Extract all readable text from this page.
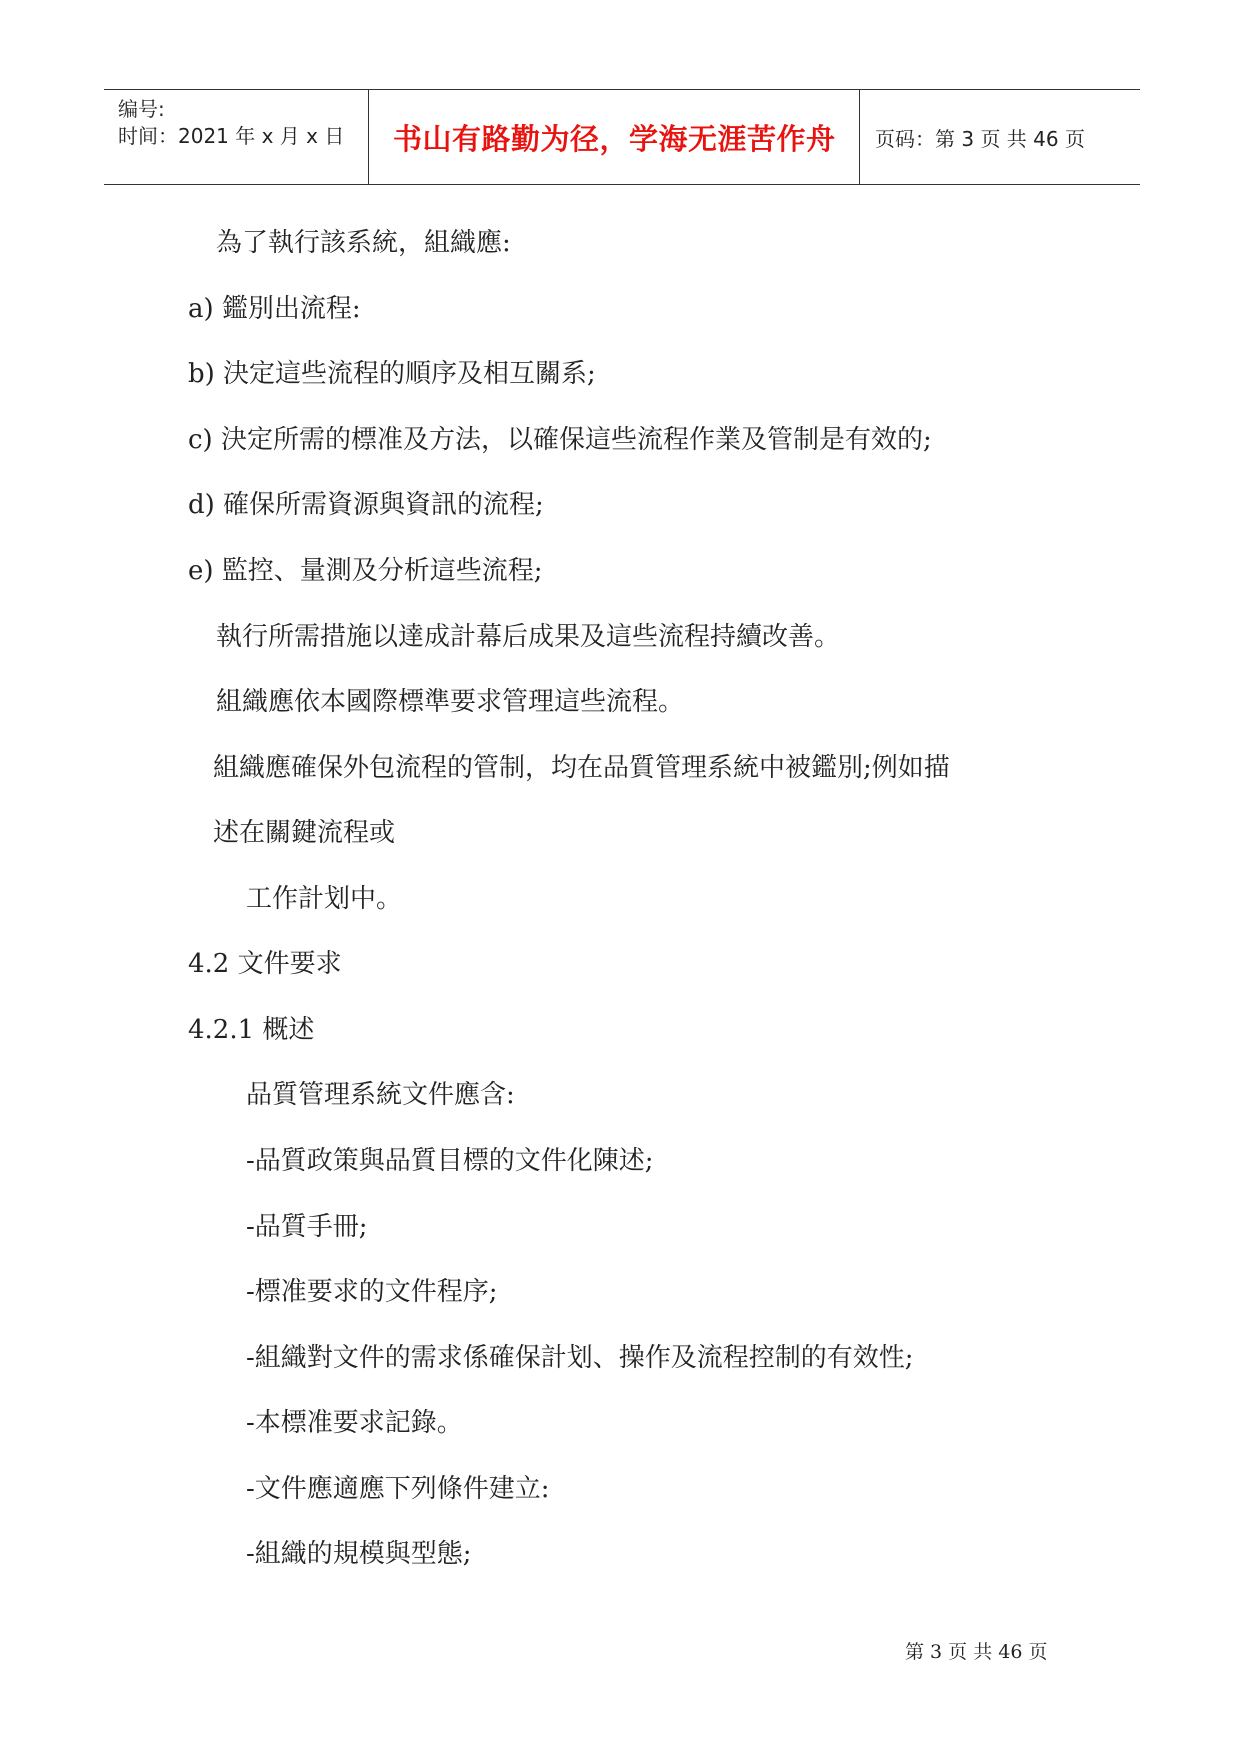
编号:
时间：2021 年 x 月 x 日 书山有路勤为径，学海无涯苦作舟 页码：第 3 页 共 46 页
為了執行該系統，組織應:
a) 鑑別出流程:
b) 決定這些流程的順序及相互關系;
c) 決定所需的標准及方法，以確保這些流程作業及管制是有效的;
d) 確保所需資源與資訊的流程;
e) 監控、量測及分析這些流程;
執行所需措施以達成計幕后成果及這些流程持續改善。
組織應依本國際標準要求管理這些流程。
組織應確保外包流程的管制，均在品質管理系統中被鑑別;例如描
述在關鍵流程或
工作計划中。
4.2 文件要求
4.2.1 概述
品質管理系統文件應含:
-品質政策與品質目標的文件化陳述;
-品質手冊;
-標准要求的文件程序;
-組織對文件的需求係確保計划、操作及流程控制的有效性;
-本標准要求記錄。
-文件應適應下列條件建立:
-組織的規模與型態;
第 3 页 共 46 页
